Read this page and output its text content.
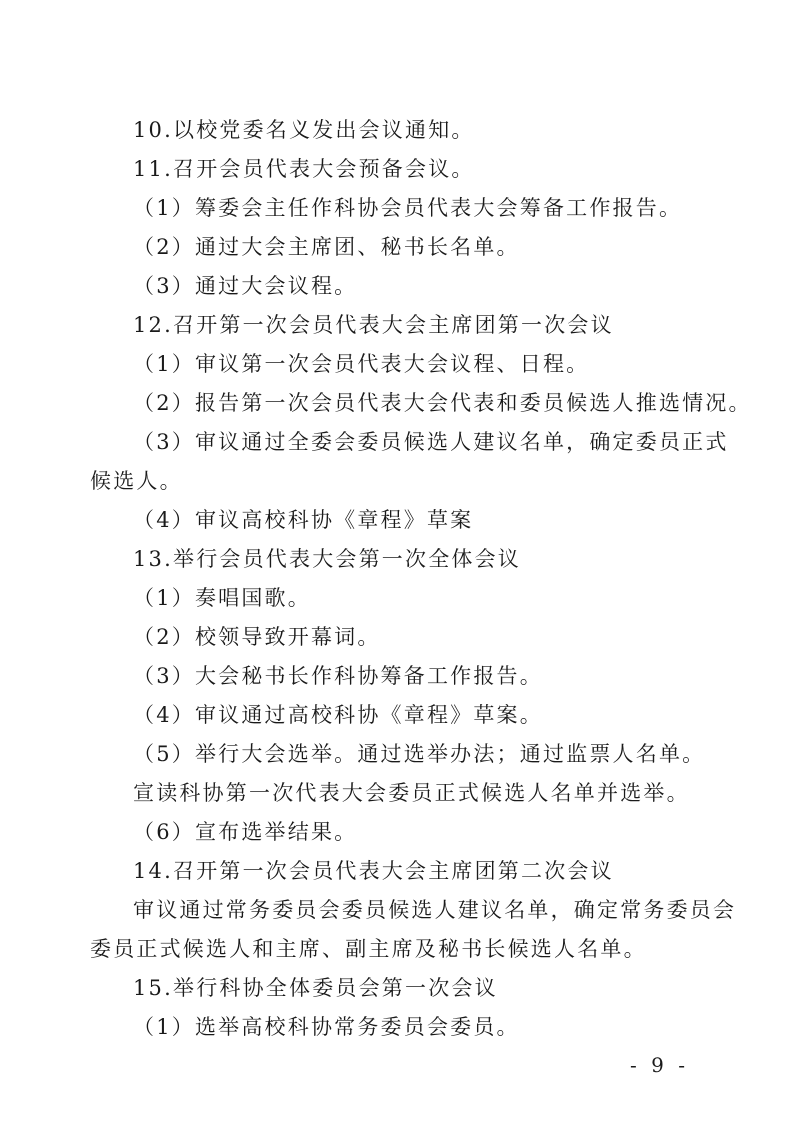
10.以校党委名义发出会议通知。
11.召开会员代表大会预备会议。
（1）筹委会主任作科协会员代表大会筹备工作报告。
（2）通过大会主席团、秘书长名单。
（3）通过大会议程。
12.召开第一次会员代表大会主席团第一次会议
（1）审议第一次会员代表大会议程、日程。
（2）报告第一次会员代表大会代表和委员候选人推选情况。
（3）审议通过全委会委员候选人建议名单，确定委员正式
候选人。
（4）审议高校科协《章程》草案
13.举行会员代表大会第一次全体会议
（1）奏唱国歌。
（2）校领导致开幕词。
（3）大会秘书长作科协筹备工作报告。
（4）审议通过高校科协《章程》草案。
（5）举行大会选举。通过选举办法；通过监票人名单。
宣读科协第一次代表大会委员正式候选人名单并选举。
（6）宣布选举结果。
14.召开第一次会员代表大会主席团第二次会议
审议通过常务委员会委员候选人建议名单，确定常务委员会
委员正式候选人和主席、副主席及秘书长候选人名单。
15.举行科协全体委员会第一次会议
（1）选举高校科协常务委员会委员。
- 9 -
